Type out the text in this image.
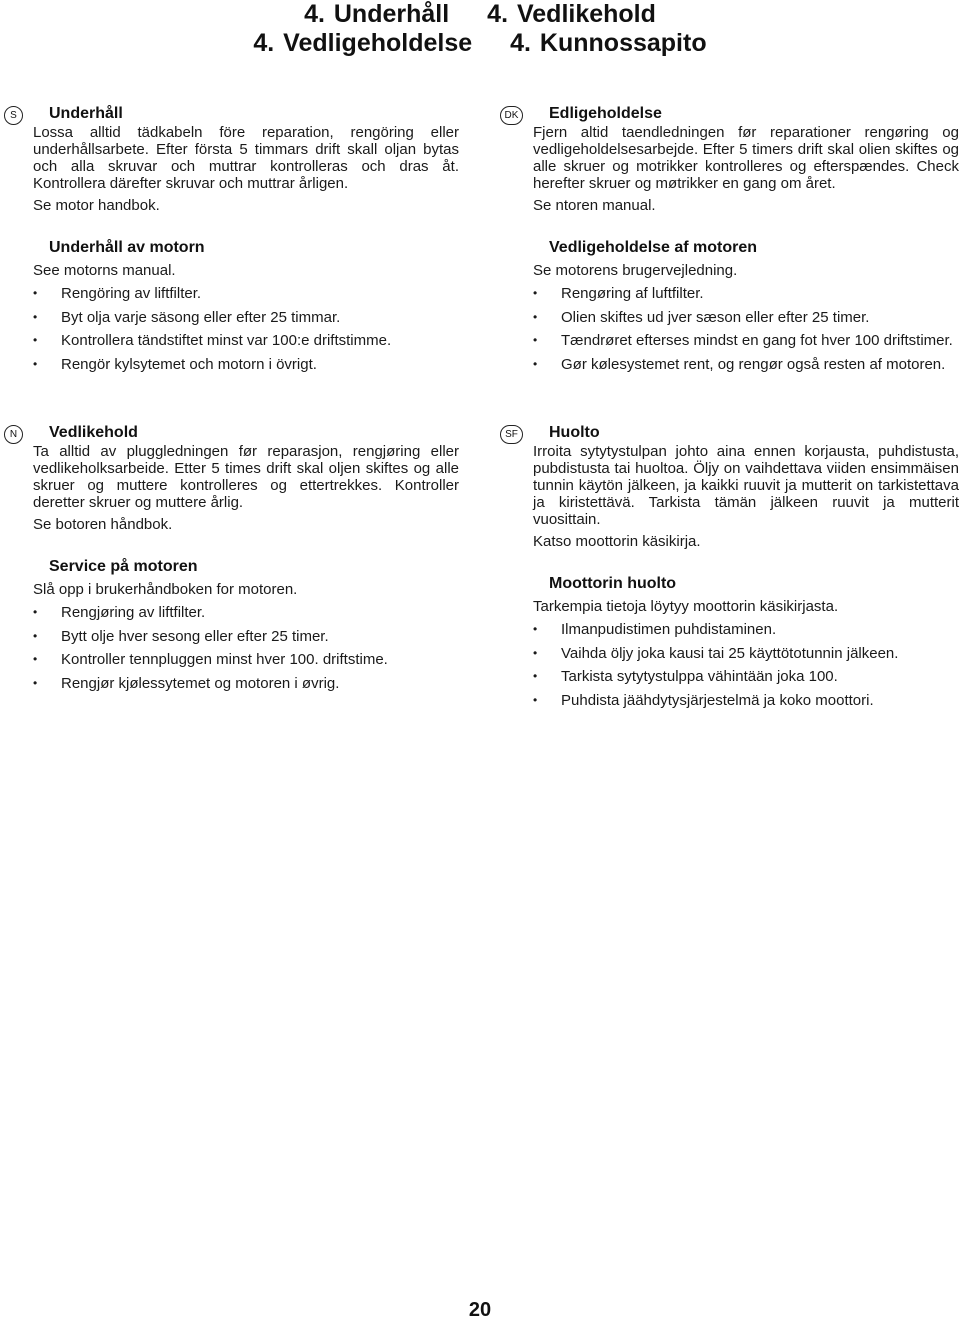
4. Underhåll 4. Vedlikehold
4. Vedligeholdelse 4. Kunnossapito
S	Underhåll

Lossa alltid tädkabeln före reparation, rengöring eller underhållsarbete. Efter första 5 timmars drift skall oljan bytas och alla skruvar och muttrar kontrolleras och dras åt. Kontrollera därefter skruvar och muttrar årligen.

Se motor handbok.

Underhåll av motorn

See motorns manual.

• Rengöring av liftfilter.
• Byt olja varje säsong eller efter 25 timmar.
• Kontrollera tändstiftet minst var 100:e driftstimme.
• Rengör kylsytemet och motorn i övrigt.
DK Edligeholdelse

Fjern altid taendledningen før reparationer rengøring og vedligeholdelsesarbejde. Efter 5 timers drift skal olien skiftes og alle skruer og motrikker kontrolleres og efterspændes. Check herefter skruer og møtrikker en gang om året.

Se ntoren manual.

Vedligeholdelse af motoren

Se motorens brugervejledning.

• Rengøring af luftfilter.
• Olien skiftes ud jver sæson eller efter 25 timer.
• Tændrøret efterses mindst en gang fot hver 100 driftstimer.
• Gør kølesystemet rent, og rengør også resten af motoren.
N	Vedlikehold

Ta alltid av pluggledningen før reparasjon, rengjøring eller vedlikeholksarbeide. Etter 5 times drift skal oljen skiftes og alle skruer og muttere kontrolleres og ettertrekkes. Kontroller deretter skruer og muttere årlig.

Se botoren håndbok.

Service på motoren

Slå opp i brukerhåndboken for motoren.

• Rengjøring av liftfilter.
• Bytt olje hver sesong eller efter 25 timer.
• Kontroller tennpluggen minst hver 100. driftstime.
• Rengjør kjølessytemet og motoren i øvrig.
SF	Huolto

Irroita sytytystulpan johto aina ennen korjausta, puhdistusta, pubdistusta tai huoltoa. Öljy on vaihdettava viiden ensimmäisen tunnin käytön jälkeen, ja kaikki ruuvit ja mutterit on tarkistettava ja kiristettävä. Tarkista tämän jälkeen ruuvit ja mutterit vuosittain.

Katso moottorin käsikirja.

Moottorin huolto

Tarkempia tietoja löytyy moottorin käsikirjasta.

• Ilmanpudistimen puhdistaminen.
• Vaihda öljy joka kausi tai 25 käyttötotunnin jälkeen.
• Tarkista sytytystulppa vähintään joka 100.
• Puhdista jäähdytysjärjestelmä ja koko moottori.
20
